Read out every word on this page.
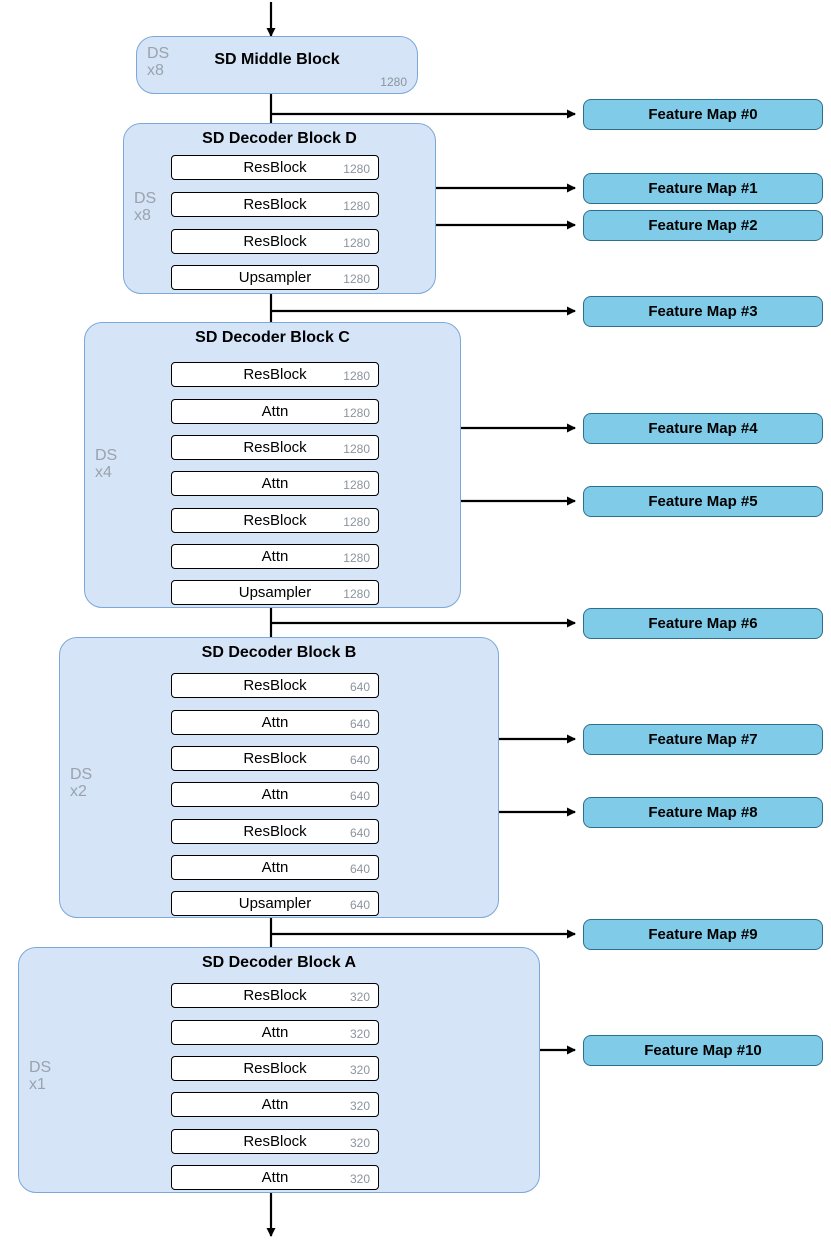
SD Middle Block
DS
x8
1280
SD Decoder Block D
DS
x8
ResBlock	1280
ResBlock	1280
ResBlock	1280
Upsampler	1280
SD Decoder Block C
DS
x4
ResBlock	1280
Attn	1280
ResBlock	1280
Attn	1280
ResBlock	1280
Attn	1280
Upsampler	1280
SD Decoder Block B
DS
x2
ResBlock	640
Attn	640
ResBlock	640
Attn	640
ResBlock	640
Attn	640
Upsampler	640
SD Decoder Block A
DS
x1
ResBlock	320
Attn	320
ResBlock	320
Attn	320
ResBlock	320
Attn	320
Feature Map #0
Feature Map #1
Feature Map #2
Feature Map #3
Feature Map #4
Feature Map #5
Feature Map #6
Feature Map #7
Feature Map #8
Feature Map #9
Feature Map #10
